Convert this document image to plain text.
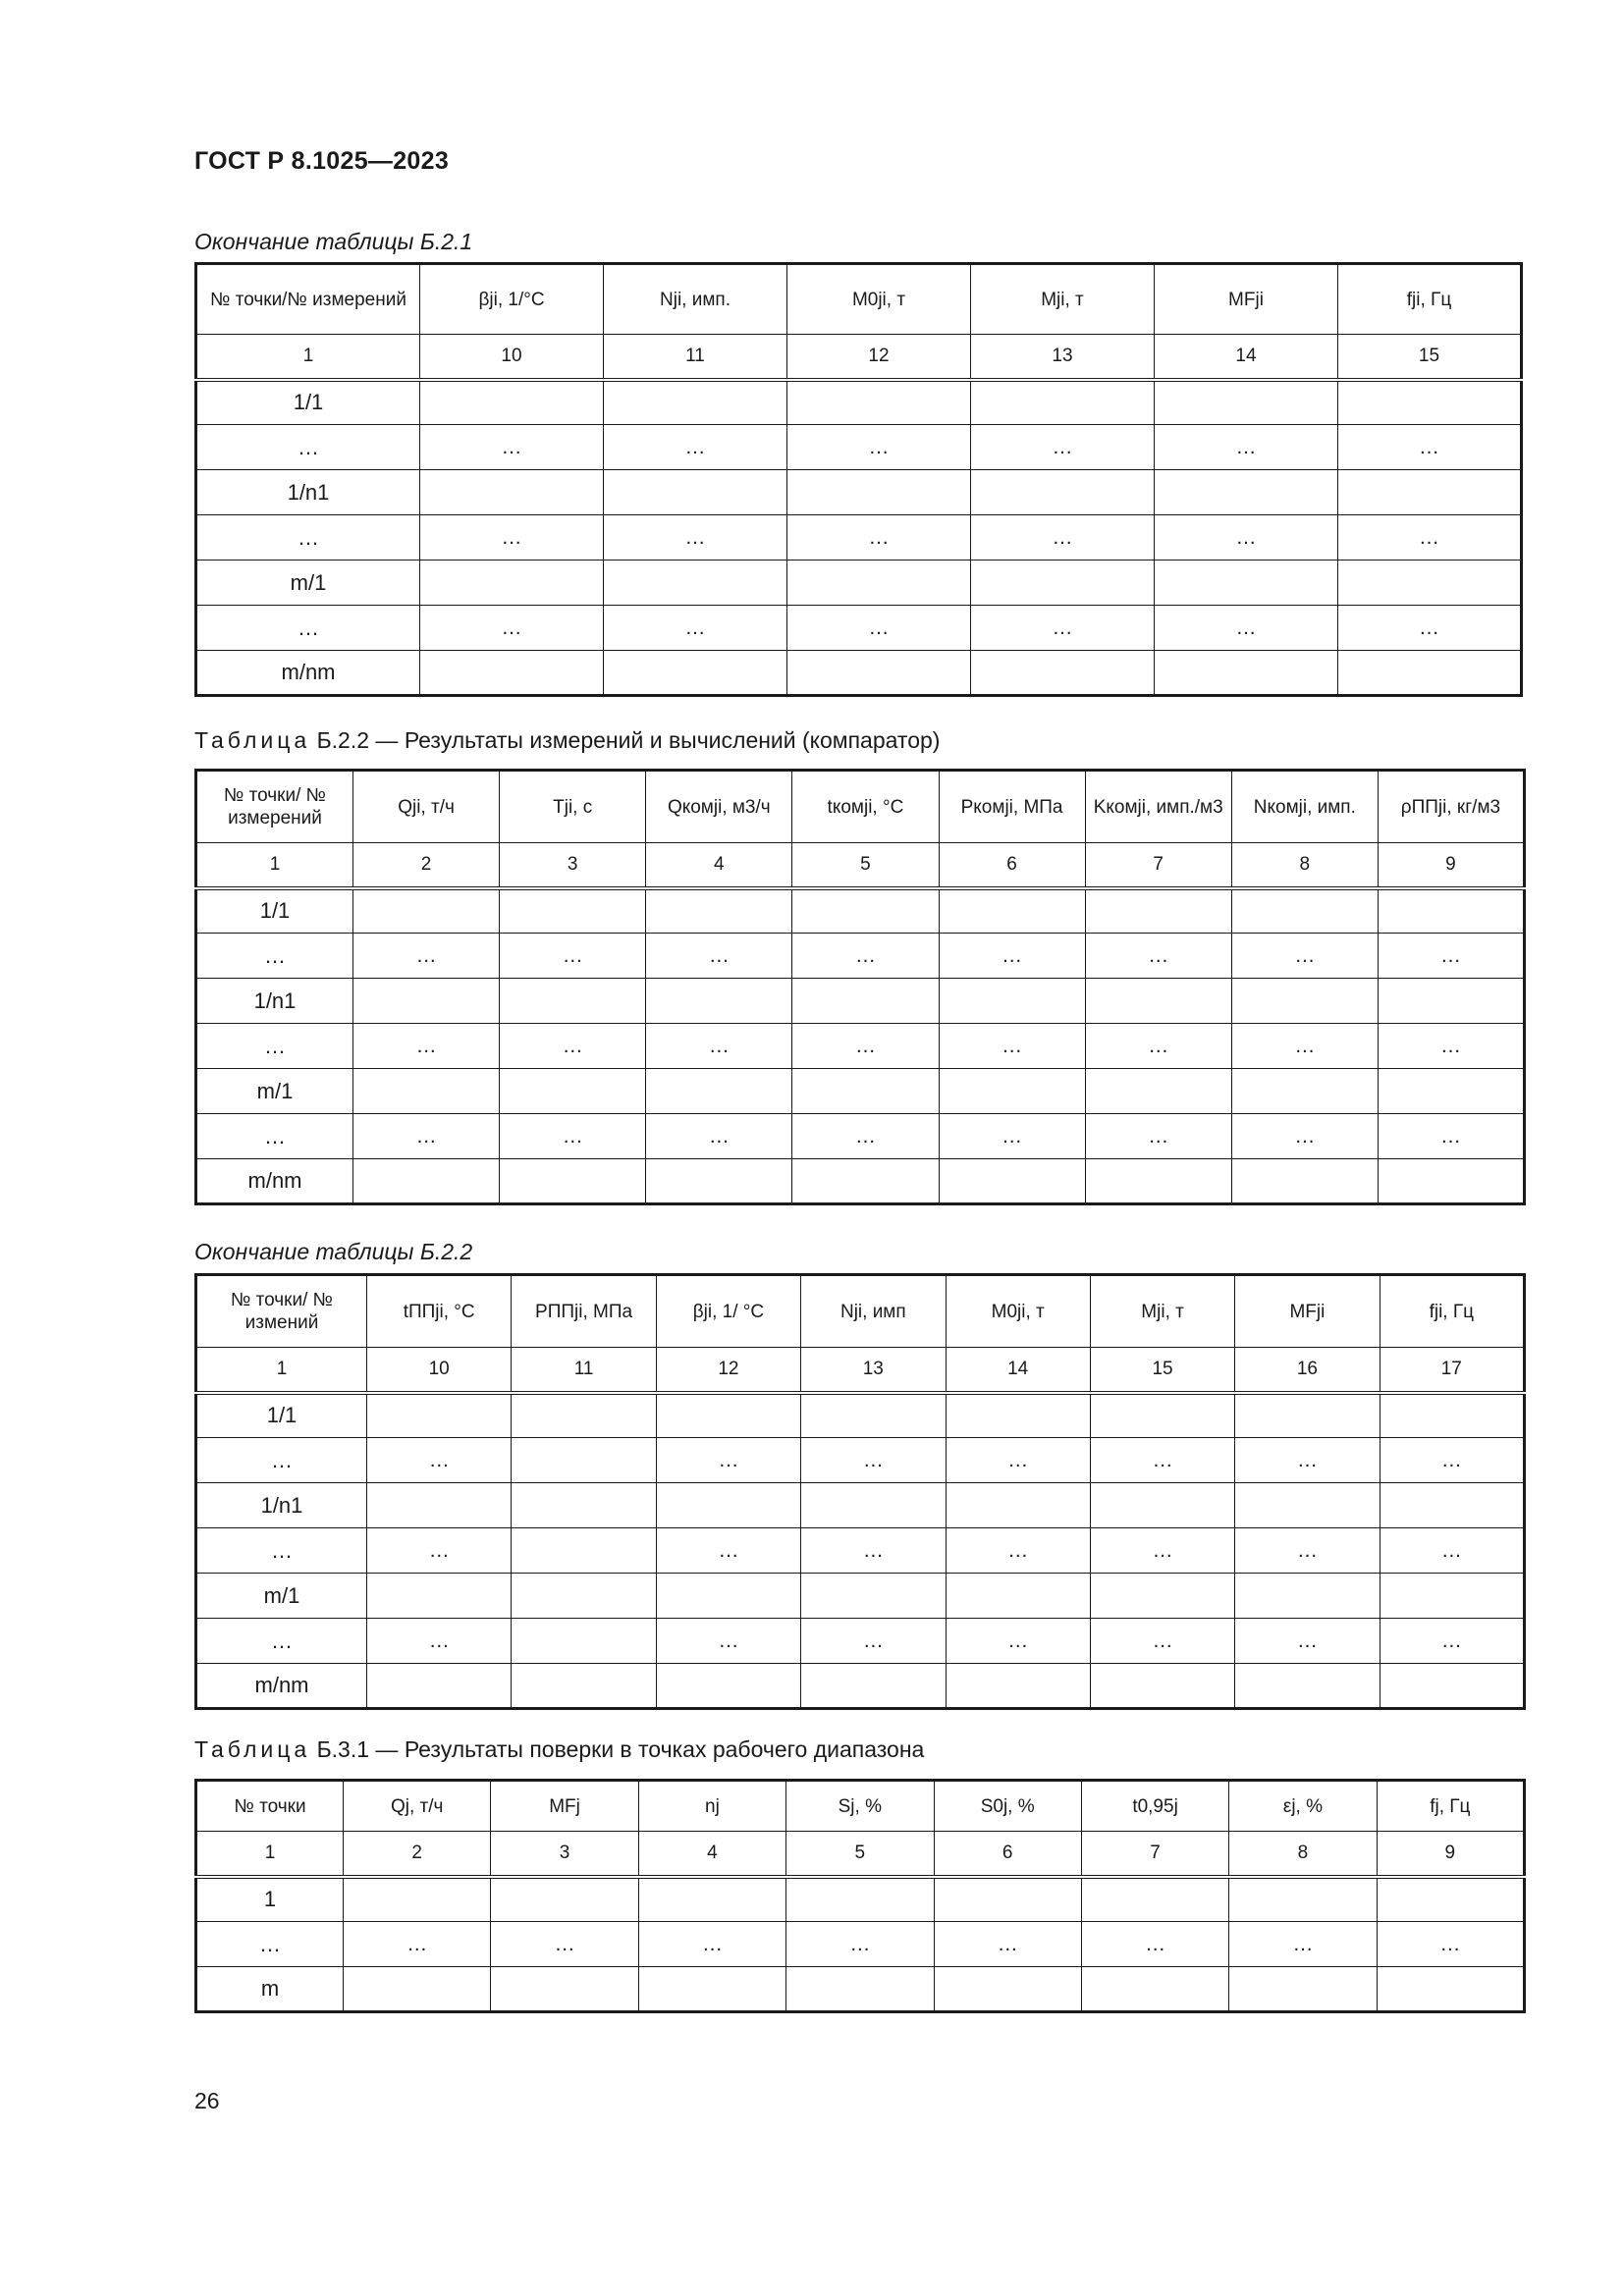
ГОСТ Р 8.1025—2023
Окончание таблицы Б.2.1
№ точки/№ измерений	βji, 1/°C	Nji, имп.	M0ji, т	Mji, т	MFji	fji, Гц
1	10	11	12	13	14	15
1/1						
…	…	…	…	…	…	…
1/n1						
…	…	…	…	…	…	…
m/1						
…	…	…	…	…	…	…
m/nm						
Таблица Б.2.2 — Результаты измерений и вычислений (компаратор)
№ точки/ № измерений	Qji, т/ч	Tji, с	Qкомji, м3/ч	tкомji, °C	Pкомji, МПа	Kкомji, имп./м3	Nкомji, имп.	ρППji, кг/м3
1	2	3	4	5	6	7	8	9
1/1								
…	…	…	…	…	…	…	…	…
1/n1								
…	…	…	…	…	…	…	…	…
m/1								
…	…	…	…	…	…	…	…	…
m/nm								
Окончание таблицы Б.2.2
№ точки/ № измений	tППji, °C	PППji, МПа	βji, 1/ °C	Nji, имп	M0ji, т	Mji, т	MFji	fji, Гц
1	10	11	12	13	14	15	16	17
1/1								
…	…		…	…	…	…	…	…
1/n1								
…	…		…	…	…	…	…	…
m/1								
…	…		…	…	…	…	…	…
m/nm								
Таблица Б.3.1 — Результаты поверки в точках рабочего диапазона
№ точки	Qj, т/ч	MFj	nj	Sj, %	S0j, %	t0,95j	εj, %	fj, Гц
1	2	3	4	5	6	7	8	9
1								
…	…	…	…	…	…	…	…	…
m								
26
